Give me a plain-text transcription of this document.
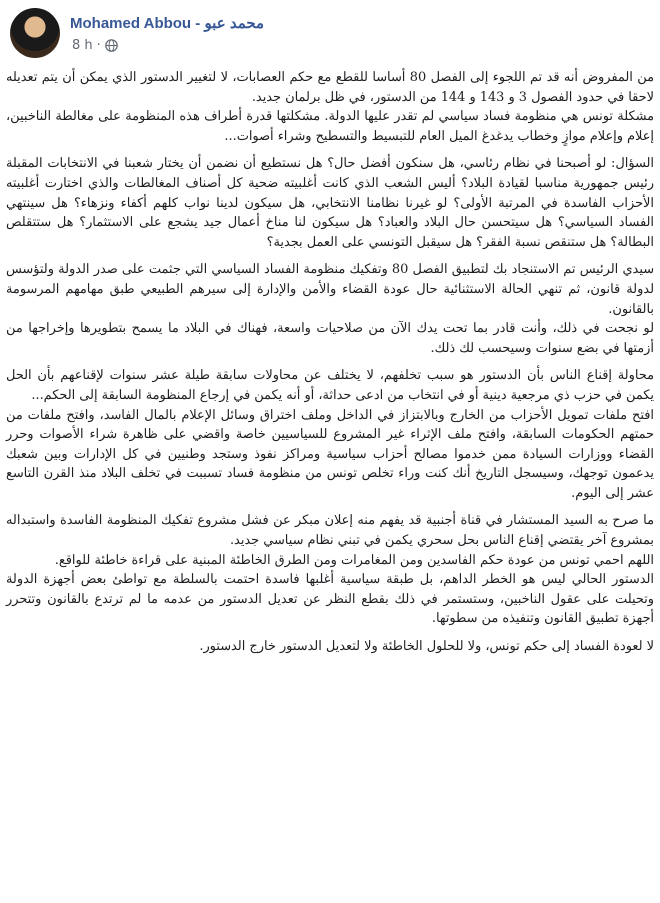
Mohamed Abbou - محمد عبو
8 h ·

من المفروض أنه قد تم اللجوء إلى الفصل 80 أساسا للقطع مع حكم العصابات، لا لتغيير الدستور الذي يمكن أن يتم تعديله لاحقا في حدود الفصول 3 و 143 و 144 من الدستور، في ظل برلمان جديد.

مشكلة تونس هي منظومة فساد سياسي لم تقدر عليها الدولة. مشكلتها قدرة أطراف هذه المنظومة على مغالطة الناخبين، إعلام وإعلام موازٍ وخطاب يدغدغ الميل العام للتبسيط والتسطيح وشراء أصوات...

السؤال: لو أصبحنا في نظام رئاسي، هل سنكون أفضل حال؟ هل نستطيع أن نضمن أن يختار شعبنا في الانتخابات المقبلة رئيس جمهورية مناسبا لقيادة البلاد؟ أليس الشعب الذي كانت أغلبيته ضحية كل أصناف المغالطات والذي اختارت أغلبيته الأحزاب الفاسدة في المرتبة الأولى؟ لو غيرنا نظامنا الانتخابي، هل سيكون لدينا نواب كلهم أكفاء ونزهاء؟ هل سينتهي الفساد السياسي؟ هل سيتحسن حال البلاد والعباد؟ هل سيكون لنا مناخ أعمال جيد يشجع على الاستثمار؟ هل ستتقلص البطالة؟ هل ستنقص نسبة الفقر؟ هل سيقبل التونسي على العمل بجدية؟

سيدي الرئيس تم الاستنجاد بك لتطبيق الفصل 80 وتفكيك منظومة الفساد السياسي التي جثمت على صدر الدولة ولتؤسس لدولة قانون، ثم تنهي الحالة الاستثنائية حال عودة القضاء والأمن والإدارة إلى سيرهم الطبيعي طبق مهامهم المرسومة بالقانون.

لو نجحت في ذلك، وأنت قادر بما تحت يدك الآن من صلاحيات واسعة، فهناك في البلاد ما يسمح بتطويرها وإخراجها من أزمتها في بضع سنوات وسيحسب لك ذلك.

محاولة إقناع الناس بأن الدستور هو سبب تخلفهم، لا يختلف عن محاولات سابقة طيلة عشر سنوات لإقناعهم بأن الحل يكمن في حزب ذي مرجعية دينية أو في انتخاب من ادعى حداثة، أو أنه يكمن في إرجاع المنظومة السابقة إلى الحكم...

افتح ملفات تمويل الأحزاب من الخارج وبالابتزاز في الداخل وملف اختراق وسائل الإعلام بالمال الفاسد، وافتح ملفات من حمتهم الحكومات السابقة، وافتح ملف الإثراء غير المشروع للسياسيين خاصة واقضي على ظاهرة شراء الأصوات وحرر القضاء ووزارات السيادة ممن خدموا مصالح أحزاب سياسية ومراكز نفوذ وستجد وطنيين في كل الإدارات وبين شعبك يدعمون توجهك، وسيسجل التاريخ أنك كنت وراء تخلص تونس من منظومة فساد تسببت في تخلف البلاد منذ القرن التاسع عشر إلى اليوم.

ما صرح به السيد المستشار في قناة أجنبية قد يفهم منه إعلان مبكر عن فشل مشروع تفكيك المنظومة الفاسدة واستبداله بمشروع آخر يقتضي إقناع الناس بحل سحري يكمن في تبني نظام سياسي جديد.

اللهم احمي تونس من عودة حكم الفاسدين ومن المغامرات ومن الطرق الخاطئة المبنية على قراءة خاطئة للواقع.

الدستور الحالي ليس هو الخطر الداهم، بل طبقة سياسية أغلبها فاسدة احتمت بالسلطة مع تواطئ بعض أجهزة الدولة وتحيلت على عقول الناخبين، وستستمر في ذلك بقطع النظر عن تعديل الدستور من عدمه ما لم ترتدع بالقانون وتتحرر أجهزة تطبيق القانون وتنفيذه من سطوتها.

لا لعودة الفساد إلى حكم تونس، ولا للحلول الخاطئة ولا لتعديل الدستور خارج الدستور.
